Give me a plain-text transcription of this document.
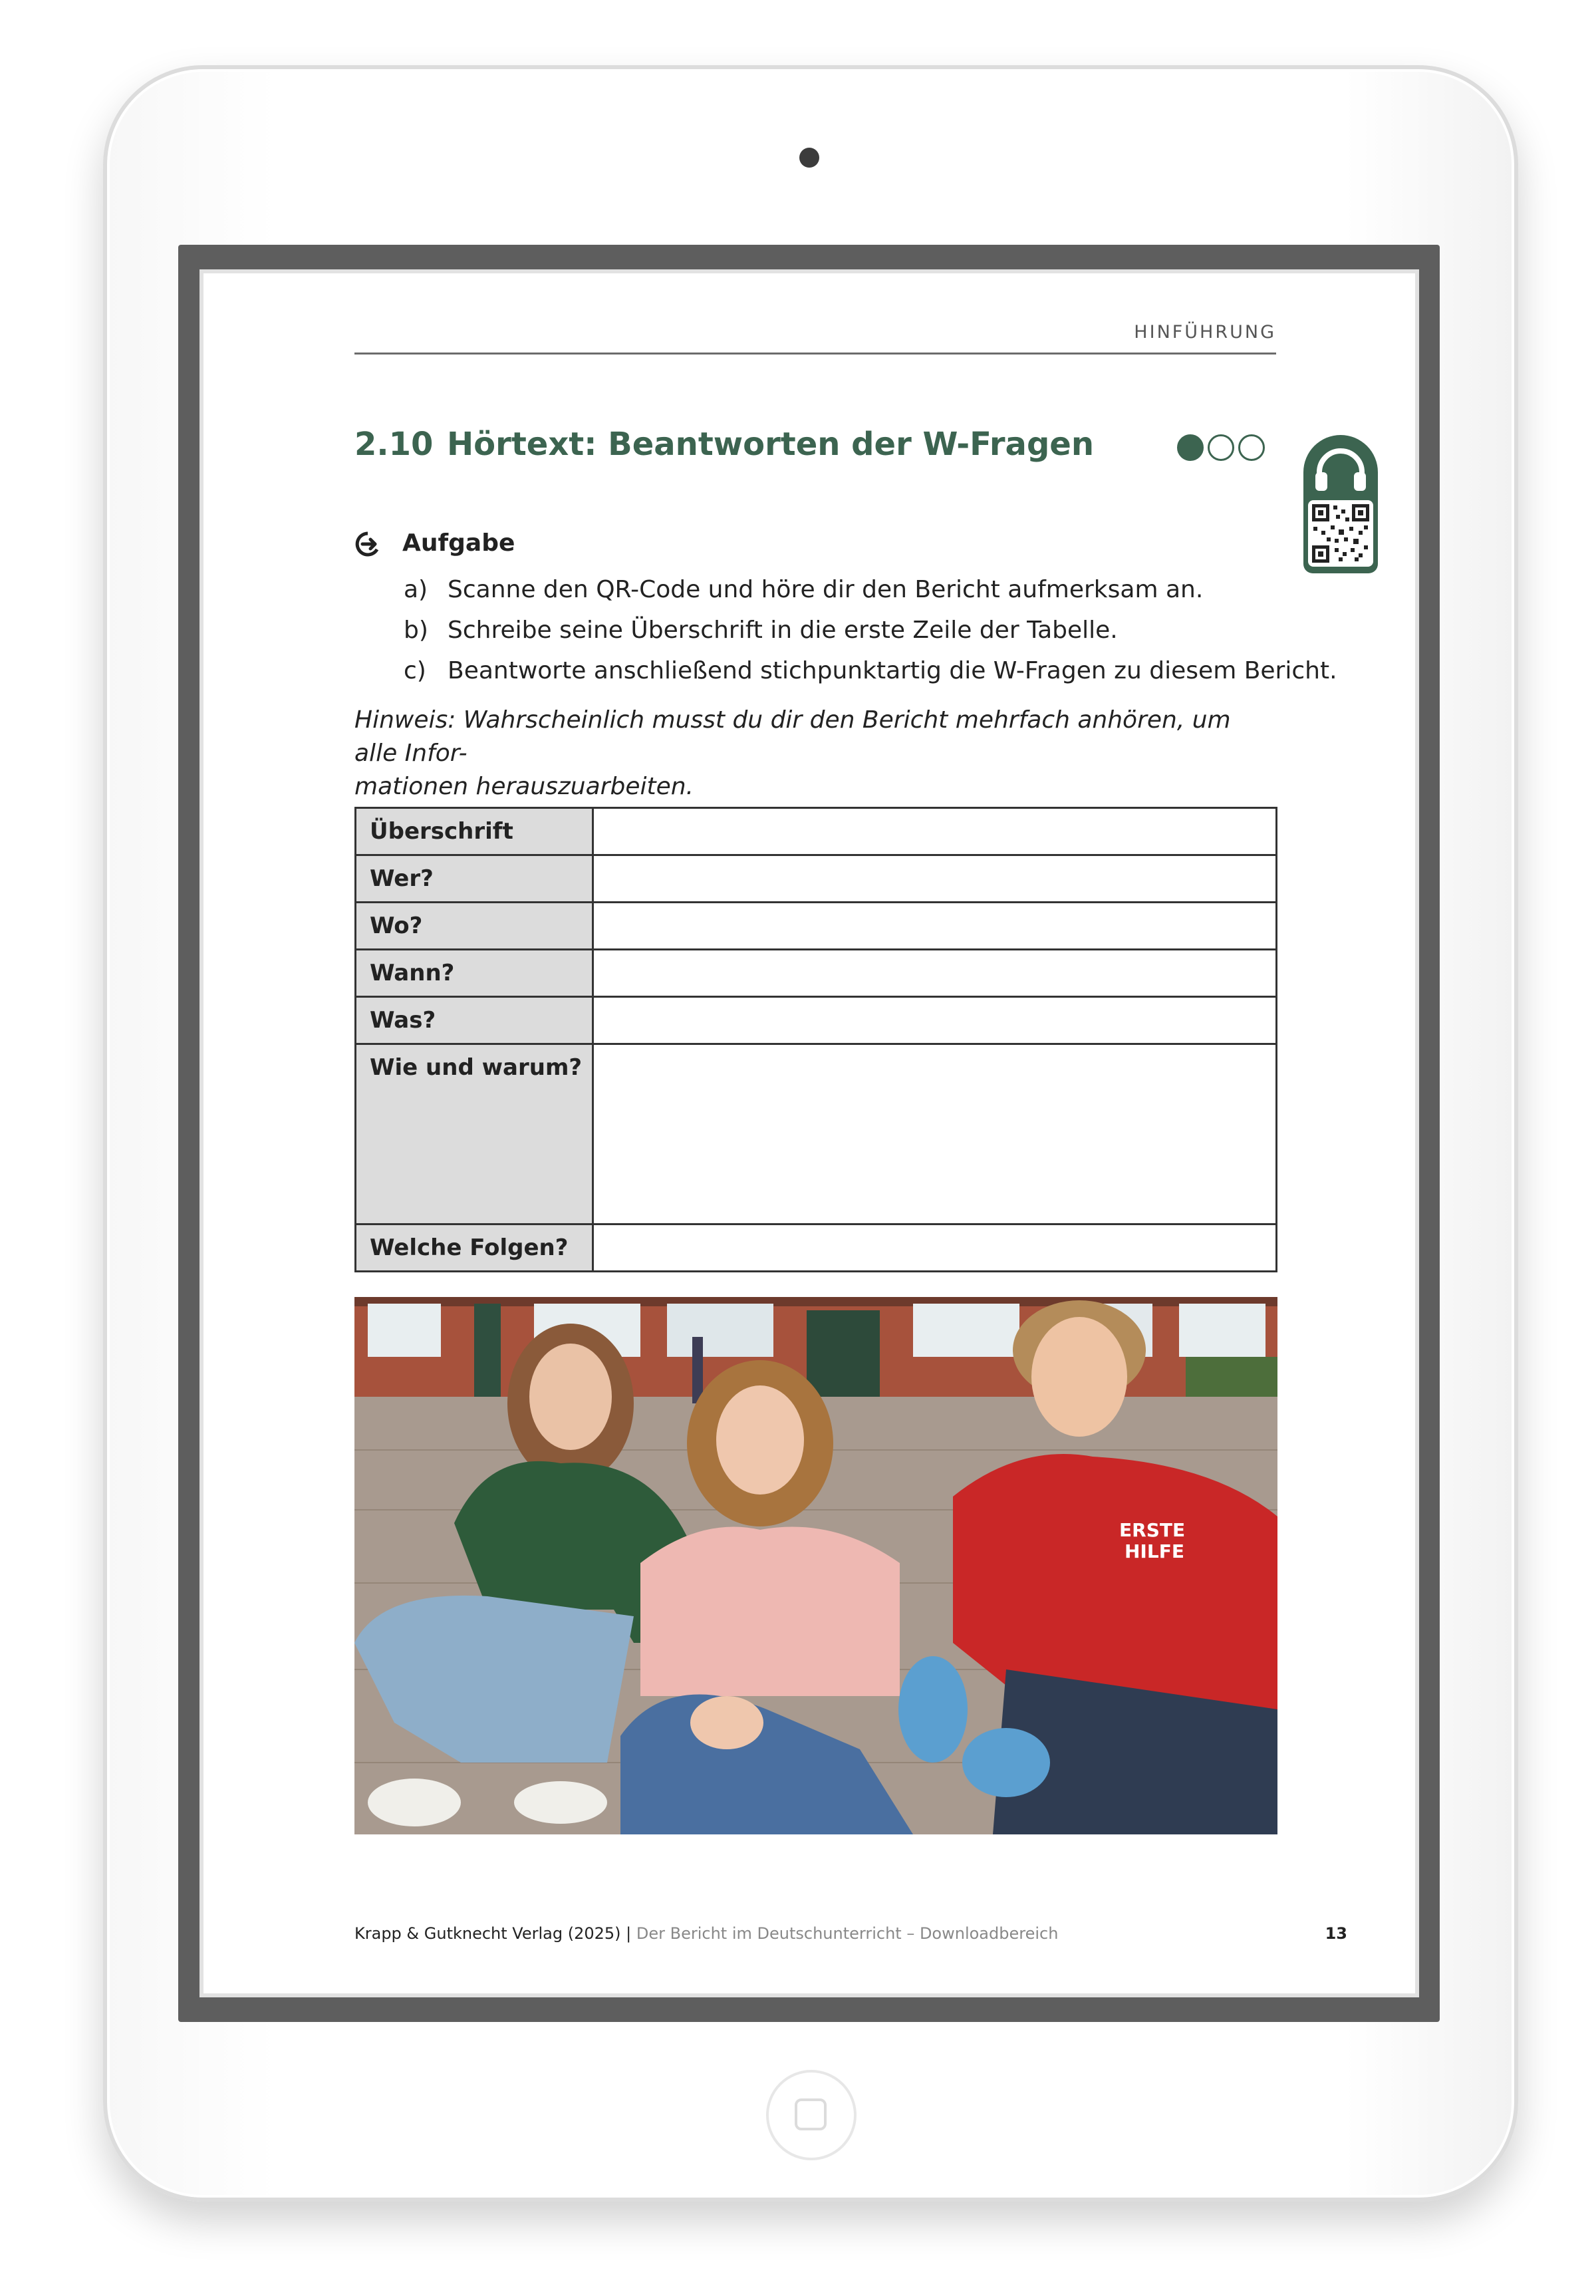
HINFÜHRUNG
2.10 Hörtext: Beantworten der W-Fragen
Aufgabe
a) Scanne den QR-Code und höre dir den Bericht aufmerksam an.
b) Schreibe seine Überschrift in die erste Zeile der Tabelle.
c) Beantworte anschließend stichpunktartig die W-Fragen zu diesem Bericht.
Hinweis: Wahrscheinlich musst du dir den Bericht mehrfach anhören, um alle Infor-
mationen herauszuarbeiten.
Überschrift	
Wer?	
Wo?	
Wann?	
Was?	
Wie und warum?	
Welche Folgen?	
ERSTE
HILFE
Krapp & Gutknecht Verlag (2025) | Der Bericht im Deutschunterricht – Downloadbereich	13
